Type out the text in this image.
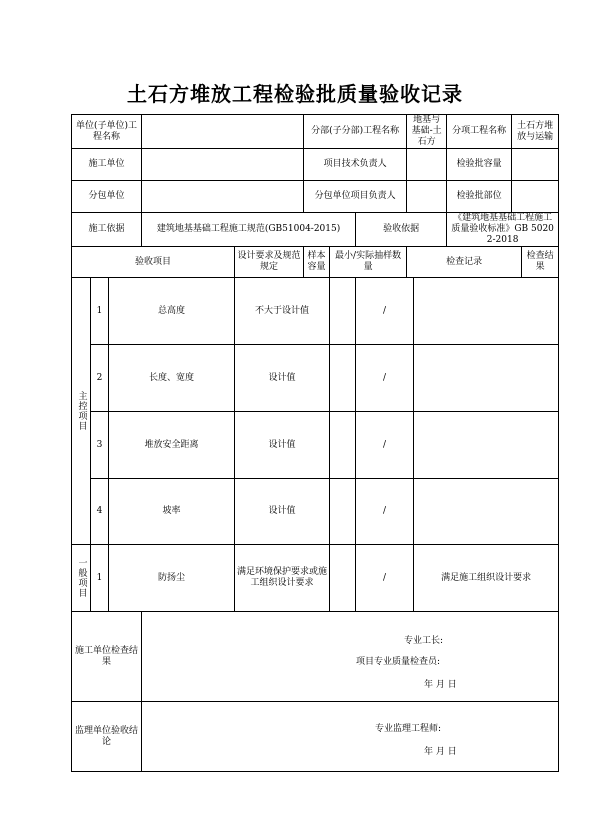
土石方堆放工程检验批质量验收记录
单位(子单位)工程名称					分部(子分部)工程名称			地基与基础-土石方		分项工程名称	土石方堆放与运输		
施工单位					项目技术负责人					检验批容量			
分包单位					分包单位项目负责人					检验批部位			
施工依据			建筑地基基础工程施工规范(GB51004-2015)				验收依据			《建筑地基基础工程施工质量验收标准》GB 50202-2018			
验收项目				设计要求及规范规定	样本容量	最小/实际抽样数量		检查记录				检查结果	
主控项目	1	总高度		不大于设计值			/						
	2	长度、宽度		设计值			/						
	3	堆放安全距离		设计值			/						
	4	坡率		设计值			/						
一般项目	1	防扬尘		满足环境保护要求或施工组织设计要求			/		满足施工组织设计要求				
施工单位检查结果			专业工长:
项目专业质量检查员:
年 月 日										

监理单位验收结论			专业监理工程师:
年 月 日										
